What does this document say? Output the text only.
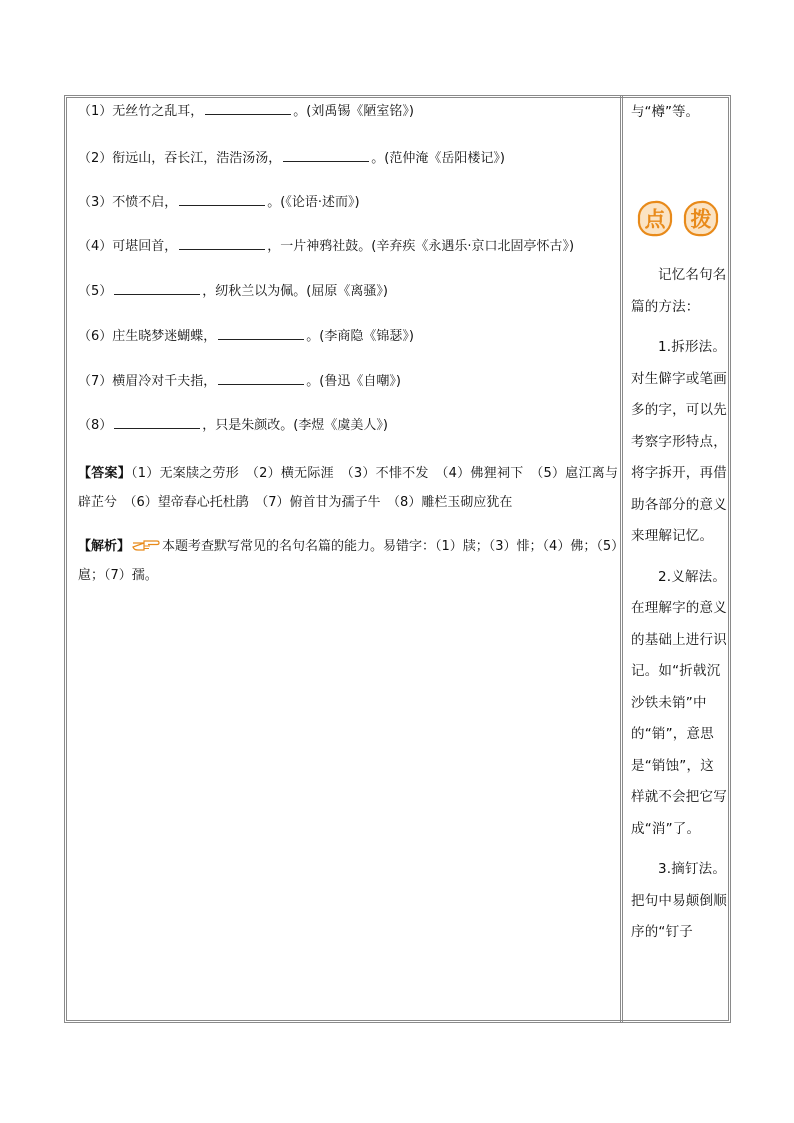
（1）无丝竹之乱耳，	。(刘禹锡《陋室铭》)
（2）衔远山，吞长江，浩浩汤汤，	。(范仲淹《岳阳楼记》)
（3）不愤不启，	。(《论语·述而》)
（4）可堪回首，	，一片神鸦社鼓。(辛弃疾《永遇乐·京口北固亭怀古》)
（5）	，纫秋兰以为佩。(屈原《离骚》)
（6）庄生晓梦迷蝴蝶，	。(李商隐《锦瑟》)
（7）横眉冷对千夫指，	。(鲁迅《自嘲》)
（8）	，只是朱颜改。(李煜《虞美人》)
【答案】（1）无案牍之劳形　（2）横无际涯　（3）不悱不发　（4）佛狸祠下　（5）扈江离与辟芷兮　（6）望帝春心托杜鹃　（7）俯首甘为孺子牛　（8）雕栏玉砌应犹在
【解析】 本题考查默写常见的名句名篇的能力。易错字：（1）牍；（3）悱；（4）佛；（5）扈；（7）孺。
与“樽”等。
点 拨

记忆名句名篇的方法：

1.拆形法。对生僻字或笔画多的字，可以先考察字形特点，将字拆开，再借助各部分的意义来理解记忆。

2.义解法。在理解字的意义的基础上进行识记。如“折戟沉沙铁未销”中的“销”，意思是“销蚀”，这样就不会把它写成“消”了。

3.摘钉法。把句中易颠倒顺序的“钉子
